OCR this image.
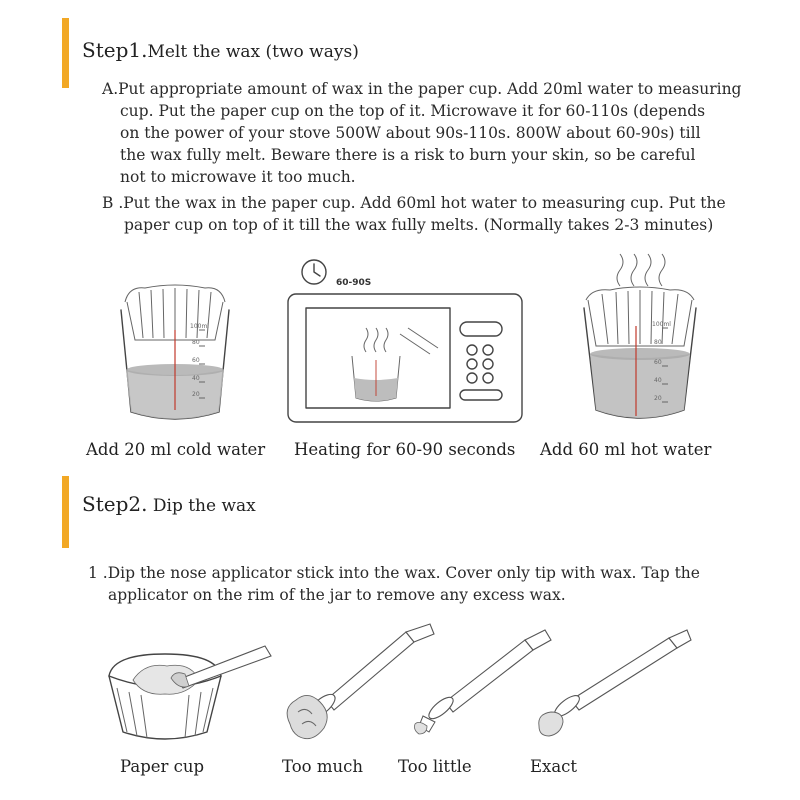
Step1.Melt the wax (two ways)
A.Put appropriate amount of wax in the paper cup. Add 20ml water to measuring
cup. Put the paper cup on the top of it. Microwave it for 60-110s (depends
on the power of your stove 500W about 90s-110s. 800W about 60-90s) till
the wax fully melt. Beware there is a risk to burn your skin, so be careful
not to microwave it too much.
B .Put the wax in the paper cup. Add 60ml hot water to measuring cup. Put the
paper cup on top of it till the wax fully melts. (Normally takes 2-3 minutes)
100ml
80
60
40
20
60-90S
100ml
80
60
40
20
Add 20 ml cold water Heating for 60-90 seconds Add 60 ml hot water
Step2. Dip the wax
1 .Dip the nose applicator stick into the wax. Cover only tip with wax. Tap the
applicator on the rim of the jar to remove any excess wax.
Paper cup	Too much Too little	Exact
